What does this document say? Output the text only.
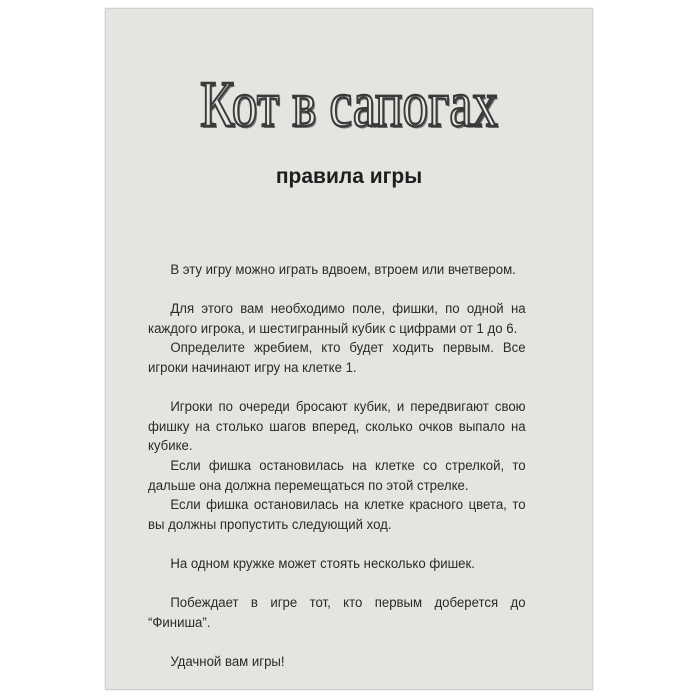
Кот в сапогах
правила игры

В эту игру можно играть вдвоем, втроем или вчетвером.

Для этого вам необходимо поле, фишки, по одной на каждого игрока, и шестигранный кубик с цифрами от 1 до 6.

Определите жребием, кто будет ходить первым. Все игроки начинают игру на клетке 1.

Игроки по очереди бросают кубик, и передвигают свою фишку на столько шагов вперед, сколько очков выпало на кубике.

Если фишка остановилась на клетке со стрелкой, то дальше она должна перемещаться по этой стрелке.

Если фишка остановилась на клетке красного цвета, то вы должны пропустить следующий ход.

На одном кружке может стоять несколько фишек.

Побеждает в игре тот, кто первым доберется до “Финиша”.

Удачной вам игры!
